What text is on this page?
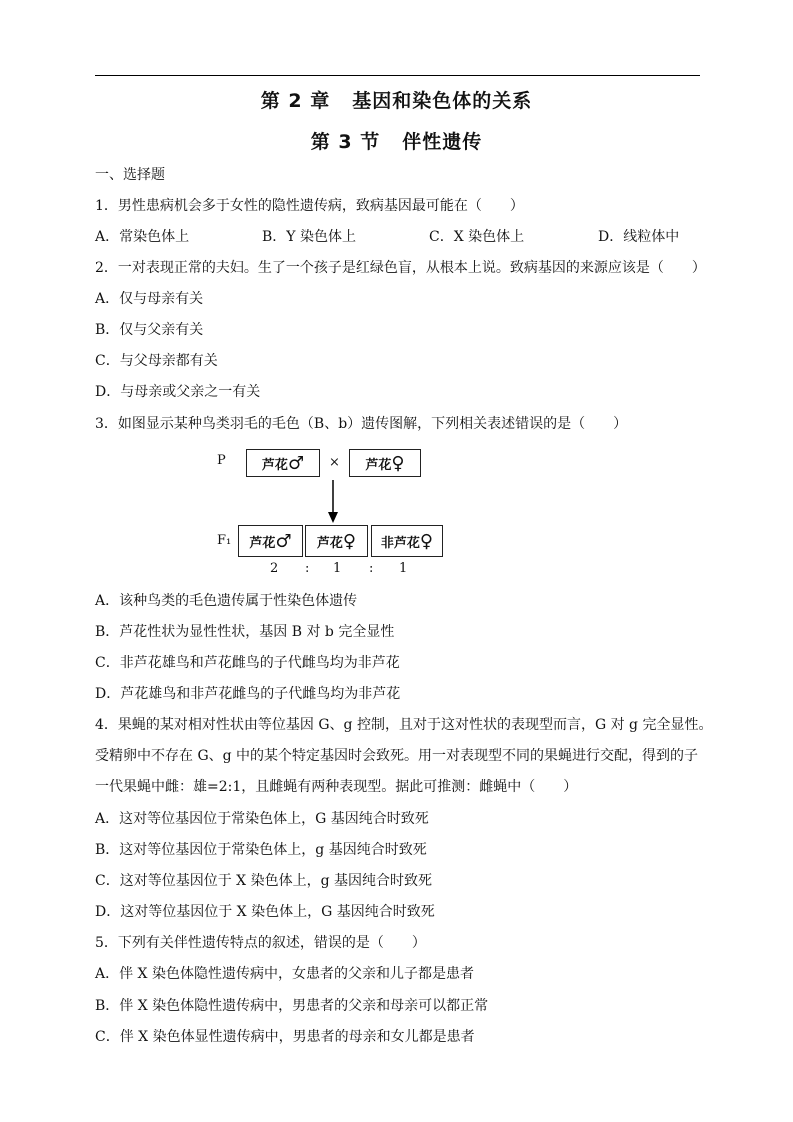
第 2 章 基因和染色体的关系
第 3 节 伴性遗传
一、选择题
1．男性患病机会多于女性的隐性遗传病，致病基因最可能在（　　）
A．常染色体上	B．Y 染色体上	C．X 染色体上	D．线粒体中
2．一对表现正常的夫妇。生了一个孩子是红绿色盲，从根本上说。致病基因的来源应该是（　　）
A．仅与母亲有关
B．仅与父亲有关
C．与父母亲都有关
D．与母亲或父亲之一有关
3．如图显示某种鸟类羽毛的毛色（B、b）遗传图解，下列相关表述错误的是（　　）
P	芦花 ♂ × 芦花 ♀
F₁ 芦花 ♂ 芦花 ♀ 非芦花 ♀
2 : 1 : 1
A．该种鸟类的毛色遗传属于性染色体遗传
B．芦花性状为显性性状，基因 B 对 b 完全显性
C．非芦花雄鸟和芦花雌鸟的子代雌鸟均为非芦花
D．芦花雄鸟和非芦花雌鸟的子代雌鸟均为非芦花
4．果蝇的某对相对性状由等位基因 G、g 控制，且对于这对性状的表现型而言，G 对 g 完全显性。
受精卵中不存在 G、g 中的某个特定基因时会致死。用一对表现型不同的果蝇进行交配，得到的子
一代果蝇中雌：雄=2:1，且雌蝇有两种表现型。据此可推测：雌蝇中（　　）
A．这对等位基因位于常染色体上，G 基因纯合时致死
B．这对等位基因位于常染色体上，g 基因纯合时致死
C．这对等位基因位于 X 染色体上，g 基因纯合时致死
D．这对等位基因位于 X 染色体上，G 基因纯合时致死
5．下列有关伴性遗传特点的叙述，错误的是（　　）
A．伴 X 染色体隐性遗传病中，女患者的父亲和儿子都是患者
B．伴 X 染色体隐性遗传病中，男患者的父亲和母亲可以都正常
C．伴 X 染色体显性遗传病中，男患者的母亲和女儿都是患者
